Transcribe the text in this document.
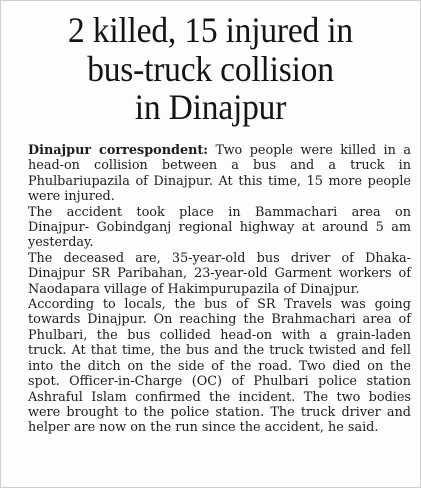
2 killed, 15 injured in
bus-truck collision
in Dinajpur

Dinajpur correspondent: Two people were killed in a
head-on collision between a bus and a truck in
Phulbariupazila of Dinajpur. At this time, 15 more people
were injured.

The accident took place in Bammachari area on
Dinajpur- Gobindganj regional highway at around 5 am
yesterday.

The deceased are, 35-year-old bus driver of Dhaka-
Dinajpur SR Paribahan, 23-year-old Garment workers of
Naodapara village of Hakimpurupazila of Dinajpur.

According to locals, the bus of SR Travels was going
towards Dinajpur. On reaching the Brahmachari area of
Phulbari, the bus collided head-on with a grain-laden
truck. At that time, the bus and the truck twisted and fell
into the ditch on the side of the road. Two died on the
spot. Officer-in-Charge (OC) of Phulbari police station
Ashraful Islam confirmed the incident. The two bodies
were brought to the police station. The truck driver and
helper are now on the run since the accident, he said.
